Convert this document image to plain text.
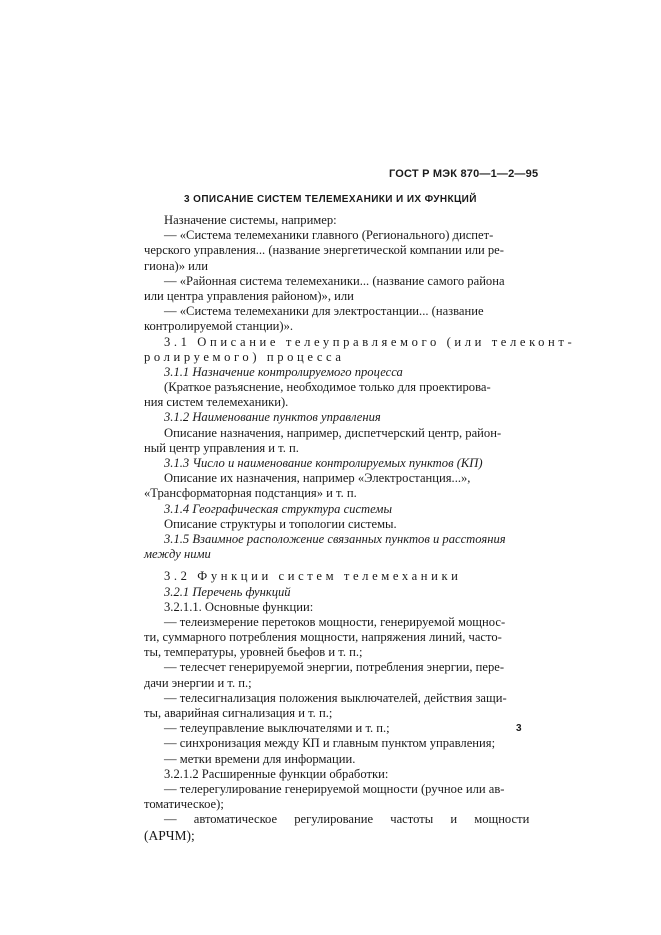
ГОСТ Р МЭК 870—1—2—95
3 ОПИСАНИЕ СИСТЕМ ТЕЛЕМЕХАНИКИ И ИХ ФУНКЦИЙ
Назначение системы, например:
— «Система телемеханики главного (Регионального) диспет-
черского управления... (название энергетической компании или ре-
гиона)» или
— «Районная система телемеханики... (название самого района
или центра управления районом)», или
— «Система телемеханики для электростанции... (название
контролируемой станции)».
3.1 Описание телеуправляемого (или телеконт-
ролируемого) процесса
3.1.1 Назначение контролируемого процесса
(Краткое разъяснение, необходимое только для проектирова-
ния систем телемеханики).
3.1.2 Наименование пунктов управления
Описание назначения, например, диспетчерский центр, район-
ный центр управления и т. п.
3.1.3 Число и наименование контролируемых пунктов (КП)
Описание их назначения, например «Электростанция...»,
«Трансформаторная подстанция» и т. п.
3.1.4 Географическая структура системы
Описание структуры и топологии системы.
3.1.5 Взаимное расположение связанных пунктов и расстояния
между ними
3.2 Функции систем телемеханики
3.2.1 Перечень функций
3.2.1.1. Основные функции:
— телеизмерение перетоков мощности, генерируемой мощнос-
ти, суммарного потребления мощности, напряжения линий, часто-
ты, температуры, уровней бьефов и т. п.;
— телесчет генерируемой энергии, потребления энергии, пере-
дачи энергии и т. п.;
— телесигнализация положения выключателей, действия защи-
ты, аварийная сигнализация и т. п.;
— телеуправление выключателями и т. п.;
— синхронизация между КП и главным пунктом управления;
— метки времени для информации.
3.2.1.2 Расширенные функции обработки:
— телерегулирование генерируемой мощности (ручное или ав-
томатическое);
— автоматическое регулирование частоты и мощности
(АРЧМ);
3
